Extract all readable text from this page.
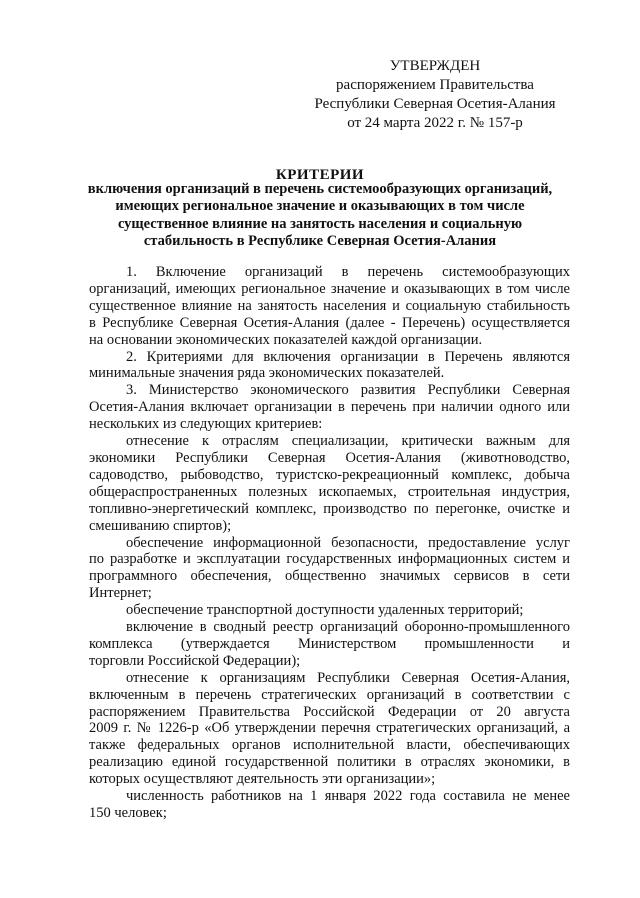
УТВЕРЖДЕН
распоряжением Правительства
Республики Северная Осетия-Алания
от 24 марта 2022 г. № 157-р
КРИТЕРИИ
включения организаций в перечень системообразующих организаций,
имеющих региональное значение и оказывающих в том числе
существенное влияние на занятость населения и социальную
стабильность в Республике Северная Осетия-Алания
1. Включение организаций в перечень системообразующих
организаций, имеющих региональное значение и оказывающих в том числе
существенное влияние на занятость населения и социальную стабильность
в Республике Северная Осетия-Алания (далее - Перечень) осуществляется
на основании экономических показателей каждой организации.
2. Критериями для включения организации в Перечень являются
минимальные значения ряда экономических показателей.
3. Министерство экономического развития Республики Северная
Осетия-Алания включает организации в перечень при наличии одного или
нескольких из следующих критериев:
отнесение к отраслям специализации, критически важным для
экономики Республики Северная Осетия-Алания (животноводство,
садоводство, рыбоводство, туристско-рекреационный комплекс, добыча
общераспространенных полезных ископаемых, строительная индустрия,
топливно-энергетический комплекс, производство по перегонке, очистке и
смешиванию спиртов);
обеспечение информационной безопасности, предоставление услуг
по разработке и эксплуатации государственных информационных систем и
программного обеспечения, общественно значимых сервисов в сети
Интернет;
обеспечение транспортной доступности удаленных территорий;
включение в сводный реестр организаций оборонно-промышленного
комплекса (утверждается Министерством промышленности и
торговли Российской Федерации);
отнесение к организациям Республики Северная Осетия-Алания,
включенным в перечень стратегических организаций в соответствии с
распоряжением Правительства Российской Федерации от 20 августа
2009 г. № 1226-р «Об утверждении перечня стратегических организаций, а
также федеральных органов исполнительной власти, обеспечивающих
реализацию единой государственной политики в отраслях экономики, в
которых осуществляют деятельность эти организации»;
численность работников на 1 января 2022 года составила не менее
150 человек;
